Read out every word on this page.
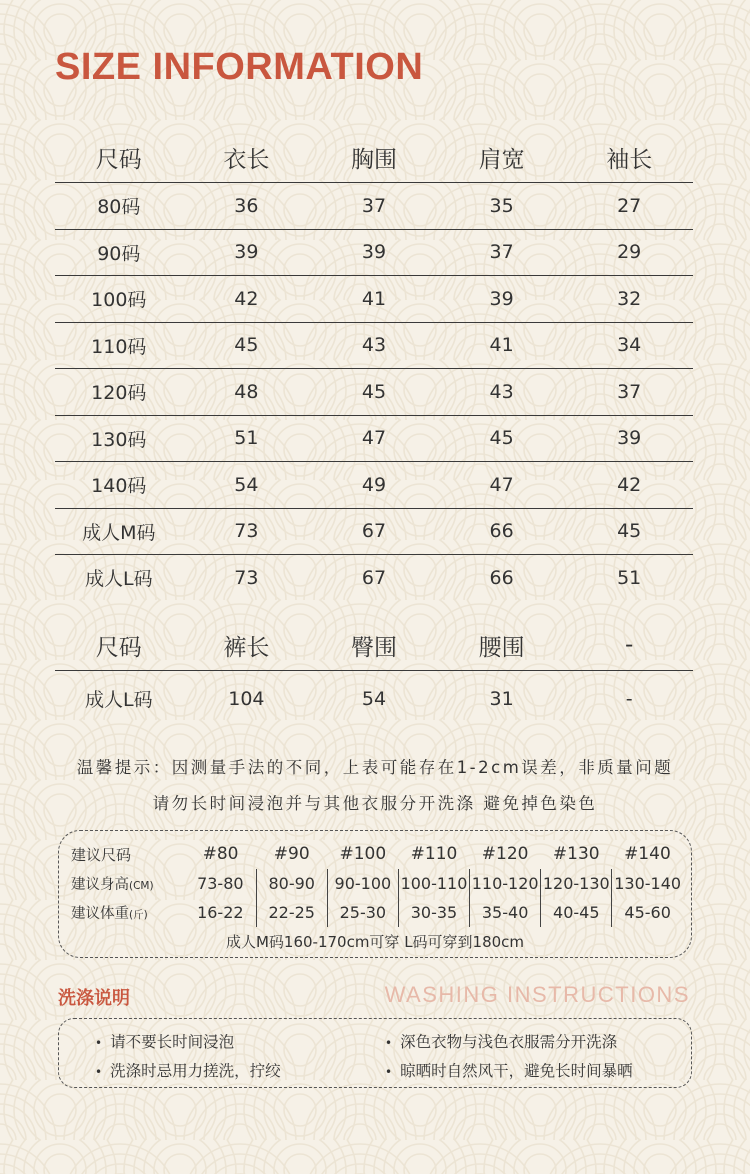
SIZE INFORMATION
尺码	衣长	胸围	肩宽	袖长
80码	36	37	35	27
90码	39	39	37	29
100码	42	41	39	32
110码	45	43	41	34
120码	48	45	43	37
130码	51	47	45	39
140码	54	49	47	42
成人M码	73	67	66	45
成人L码	73	67	66	51
尺码	裤长	臀围	腰围	-
成人L码	104	54	31	-
温馨提示：因测量手法的不同，上表可能存在1-2cm误差，非质量问题
请勿长时间浸泡并与其他衣服分开洗涤 避免掉色染色
建议尺码	#80	#90	#100	#110	#120	#130	#140
建议身高(CM)	73-80	80-90	90-100	100-110	110-120	120-130	130-140
建议体重(斤)	16-22	22-25	25-30	30-35	35-40	40-45	45-60
成人M码160-170cm可穿 L码可穿到180cm
洗涤说明	WASHING INSTRUCTIONS
• 请不要长时间浸泡
• 洗涤时忌用力搓洗，拧绞
• 深色衣物与浅色衣服需分开洗涤
• 晾晒时自然风干，避免长时间暴晒
